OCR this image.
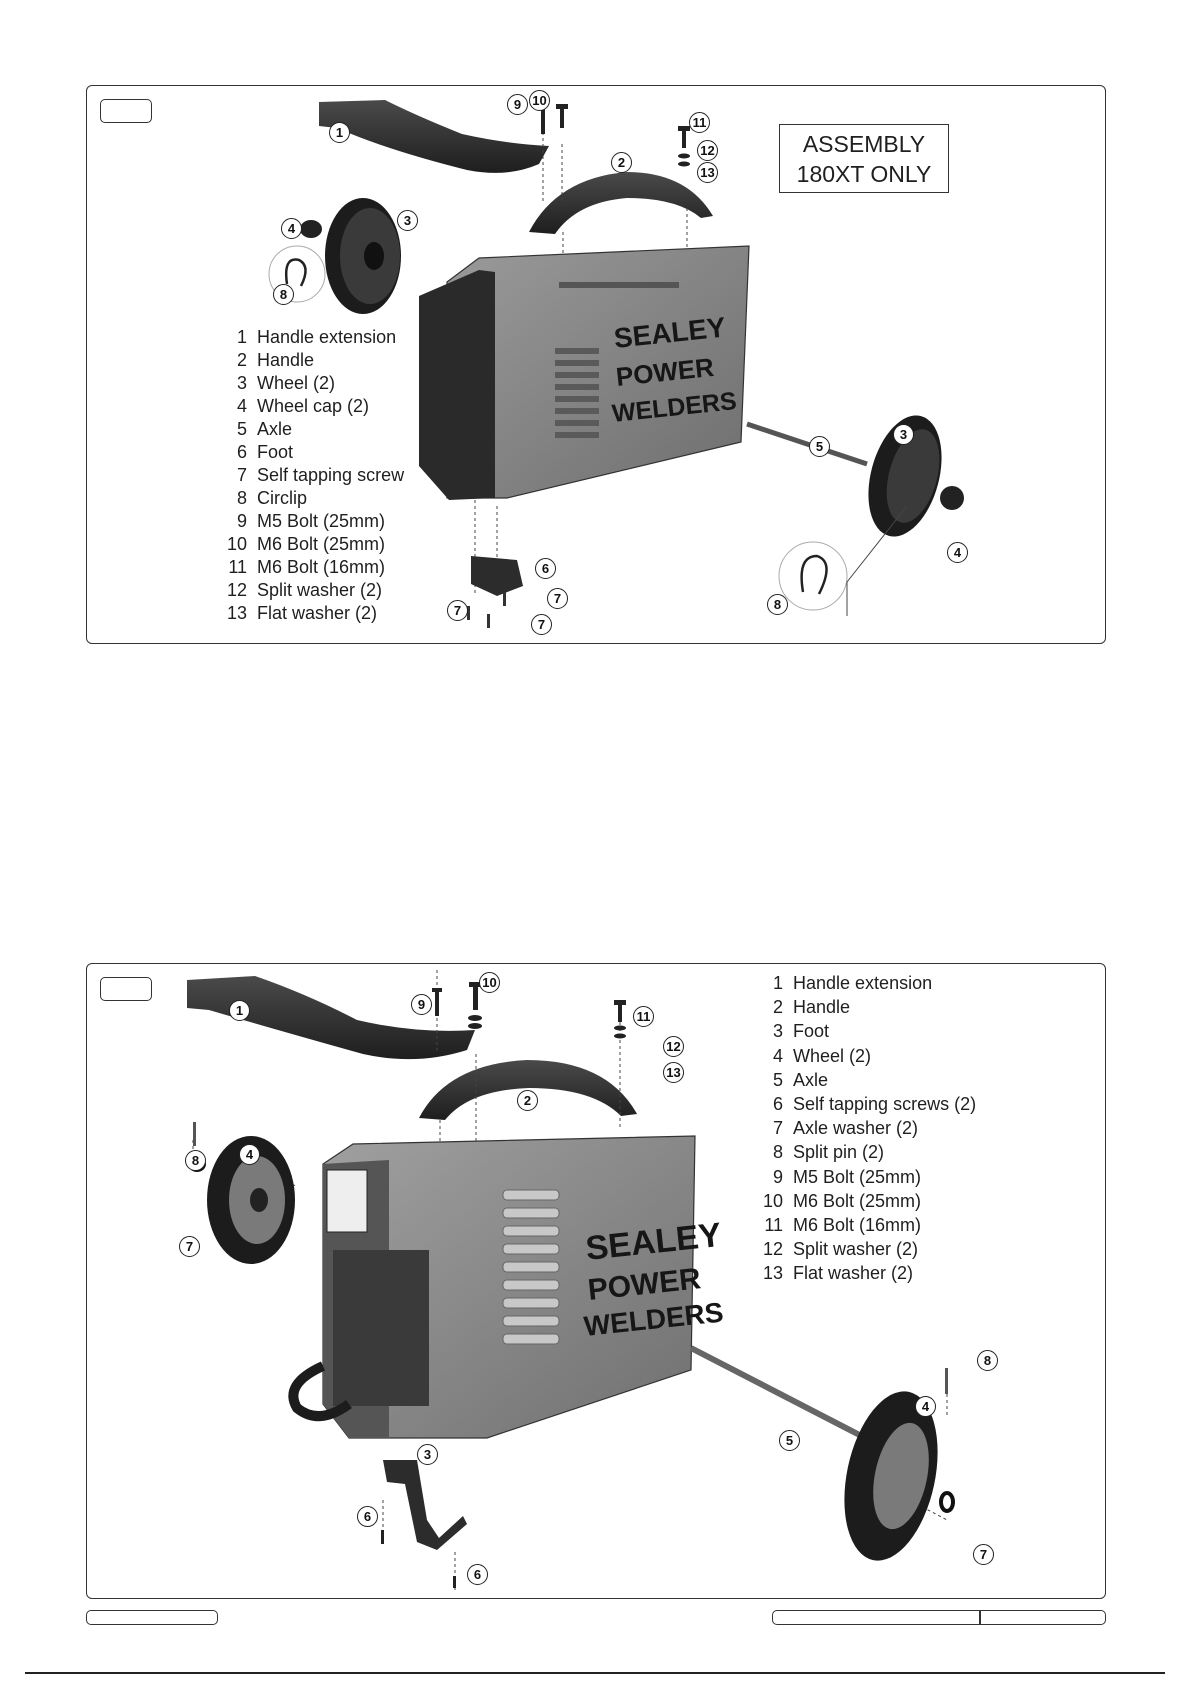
SEALEY
POWER
WELDERS
1
9 10
11
12
13
2
4
3
8
5
3
4
6
7
7
7
8
ASSEMBLY
180XT ONLY
1 Handle extension
2 Handle
3 Wheel (2)
4 Wheel cap (2)
5 Axle
6 Foot
7 Self tapping screw
8 Circlip
9 M5 Bolt (25mm)
10 M6 Bolt (25mm)
11 M6 Bolt (16mm)
12 Split washer (2)
13 Flat washer (2)
SEALEY
POWER
WELDERS
1	9
10
11
12
13
2
8	4
7
5
4
8
7
3
6
6
1 Handle extension
2 Handle
3 Foot
4 Wheel (2)
5 Axle
6 Self tapping screws (2)
7 Axle washer (2)
8 Split pin (2)
9 M5 Bolt (25mm)
10 M6 Bolt (25mm)
11 M6 Bolt (16mm)
12 Split washer (2)
13 Flat washer (2)
